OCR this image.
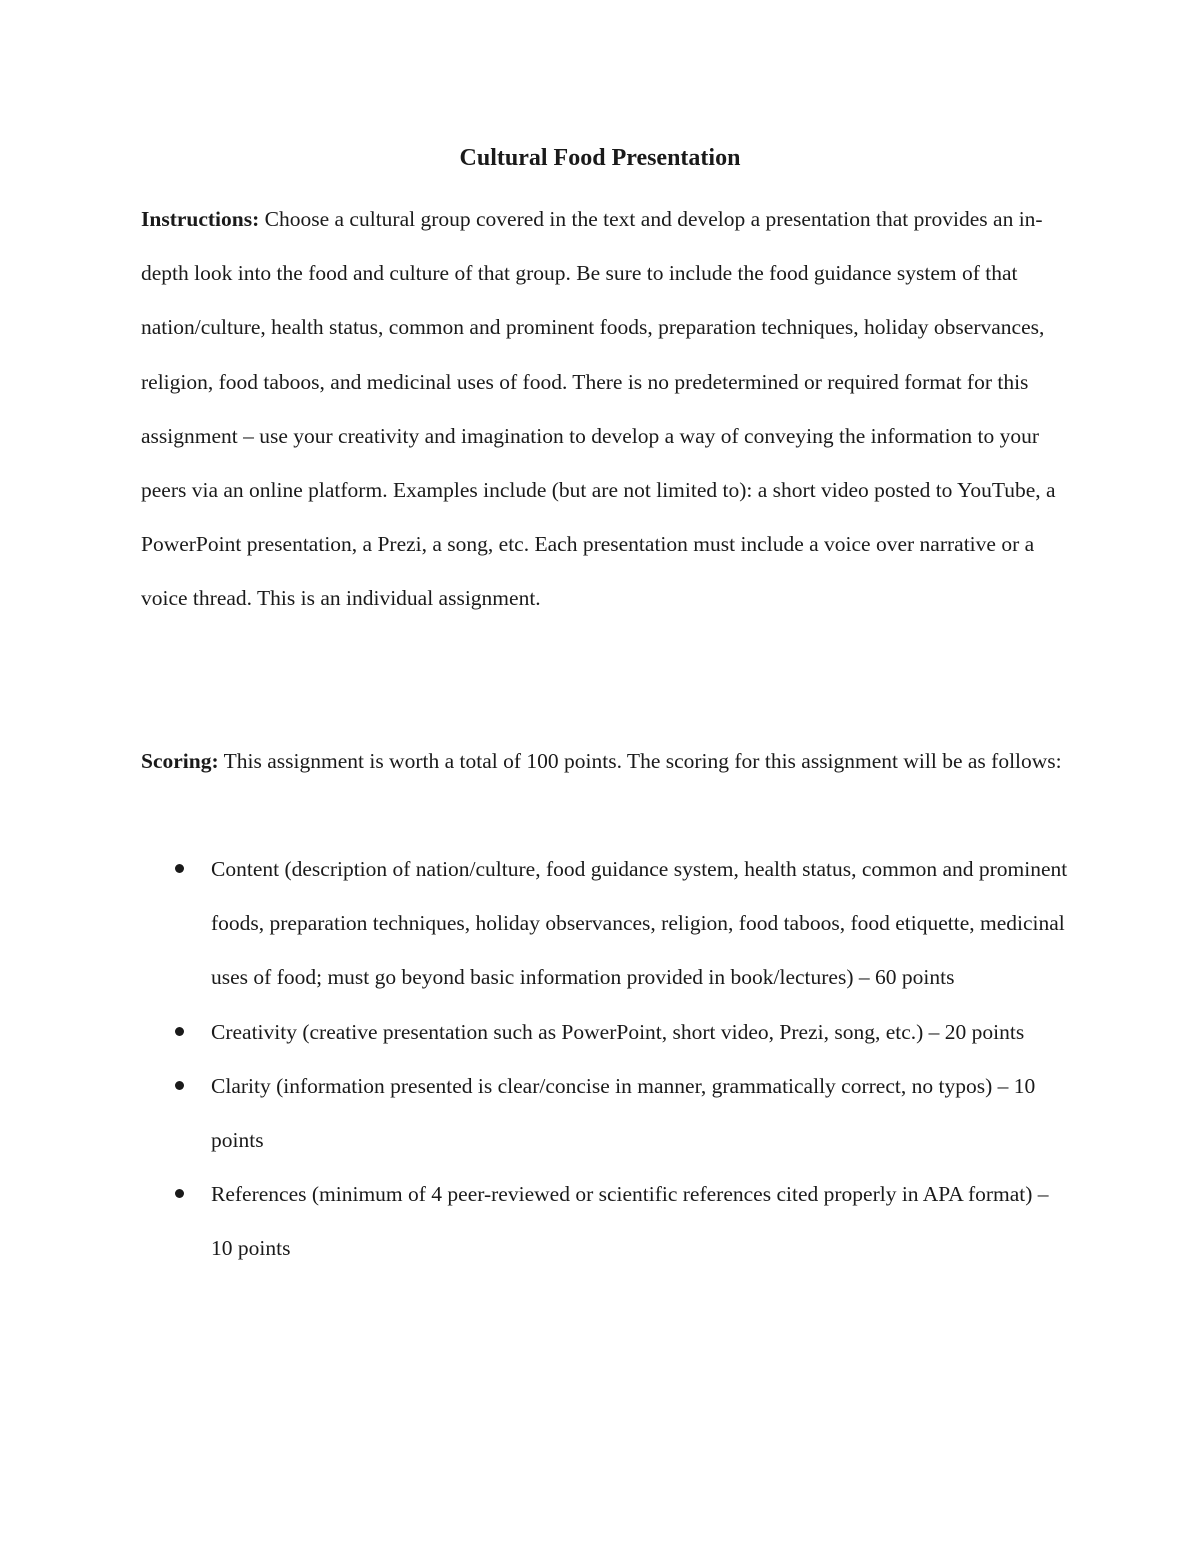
Cultural Food Presentation

Instructions: Choose a cultural group covered in the text and develop a presentation that provides an in-depth look into the food and culture of that group. Be sure to include the food guidance system of that nation/culture, health status, common and prominent foods, preparation techniques, holiday observances, religion, food taboos, and medicinal uses of food. There is no predetermined or required format for this assignment – use your creativity and imagination to develop a way of conveying the information to your peers via an online platform. Examples include (but are not limited to): a short video posted to YouTube, a PowerPoint presentation, a Prezi, a song, etc. Each presentation must include a voice over narrative or a voice thread. This is an individual assignment.

Scoring: This assignment is worth a total of 100 points. The scoring for this assignment will be as follows:

Content (description of nation/culture, food guidance system, health status, common and prominent foods, preparation techniques, holiday observances, religion, food taboos, food etiquette, medicinal uses of food; must go beyond basic information provided in book/lectures) – 60 points
Creativity (creative presentation such as PowerPoint, short video, Prezi, song, etc.) – 20 points
Clarity (information presented is clear/concise in manner, grammatically correct, no typos) – 10 points
References (minimum of 4 peer-reviewed or scientific references cited properly in APA format) – 10 points
